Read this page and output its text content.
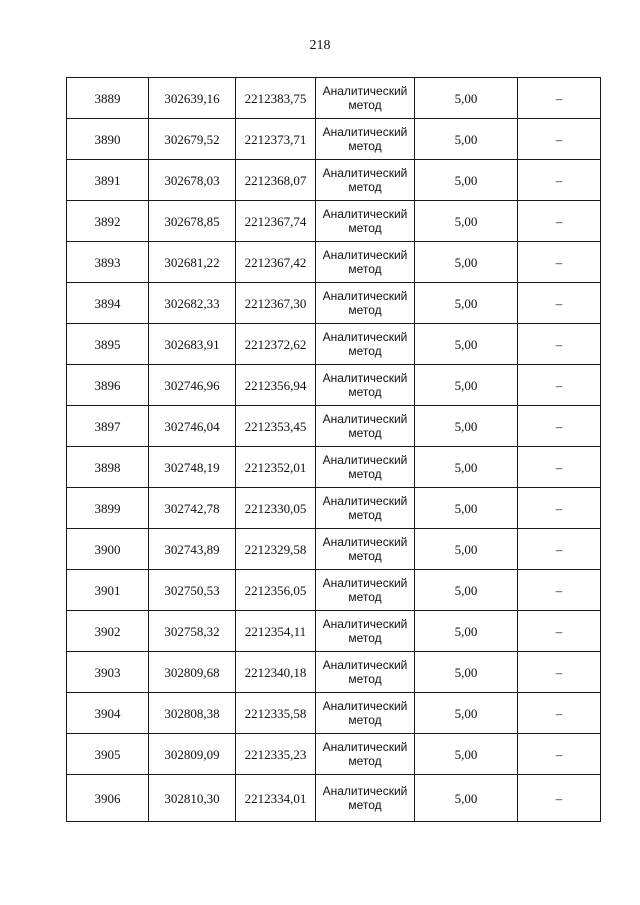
218
3889	302639,16	2212383,75	Аналитический метод	5,00	–
3890	302679,52	2212373,71	Аналитический метод	5,00	–
3891	302678,03	2212368,07	Аналитический метод	5,00	–
3892	302678,85	2212367,74	Аналитический метод	5,00	–
3893	302681,22	2212367,42	Аналитический метод	5,00	–
3894	302682,33	2212367,30	Аналитический метод	5,00	–
3895	302683,91	2212372,62	Аналитический метод	5,00	–
3896	302746,96	2212356,94	Аналитический метод	5,00	–
3897	302746,04	2212353,45	Аналитический метод	5,00	–
3898	302748,19	2212352,01	Аналитический метод	5,00	–
3899	302742,78	2212330,05	Аналитический метод	5,00	–
3900	302743,89	2212329,58	Аналитический метод	5,00	–
3901	302750,53	2212356,05	Аналитический метод	5,00	–
3902	302758,32	2212354,11	Аналитический метод	5,00	–
3903	302809,68	2212340,18	Аналитический метод	5,00	–
3904	302808,38	2212335,58	Аналитический метод	5,00	–
3905	302809,09	2212335,23	Аналитический метод	5,00	–
3906	302810,30	2212334,01	Аналитический метод	5,00	–
